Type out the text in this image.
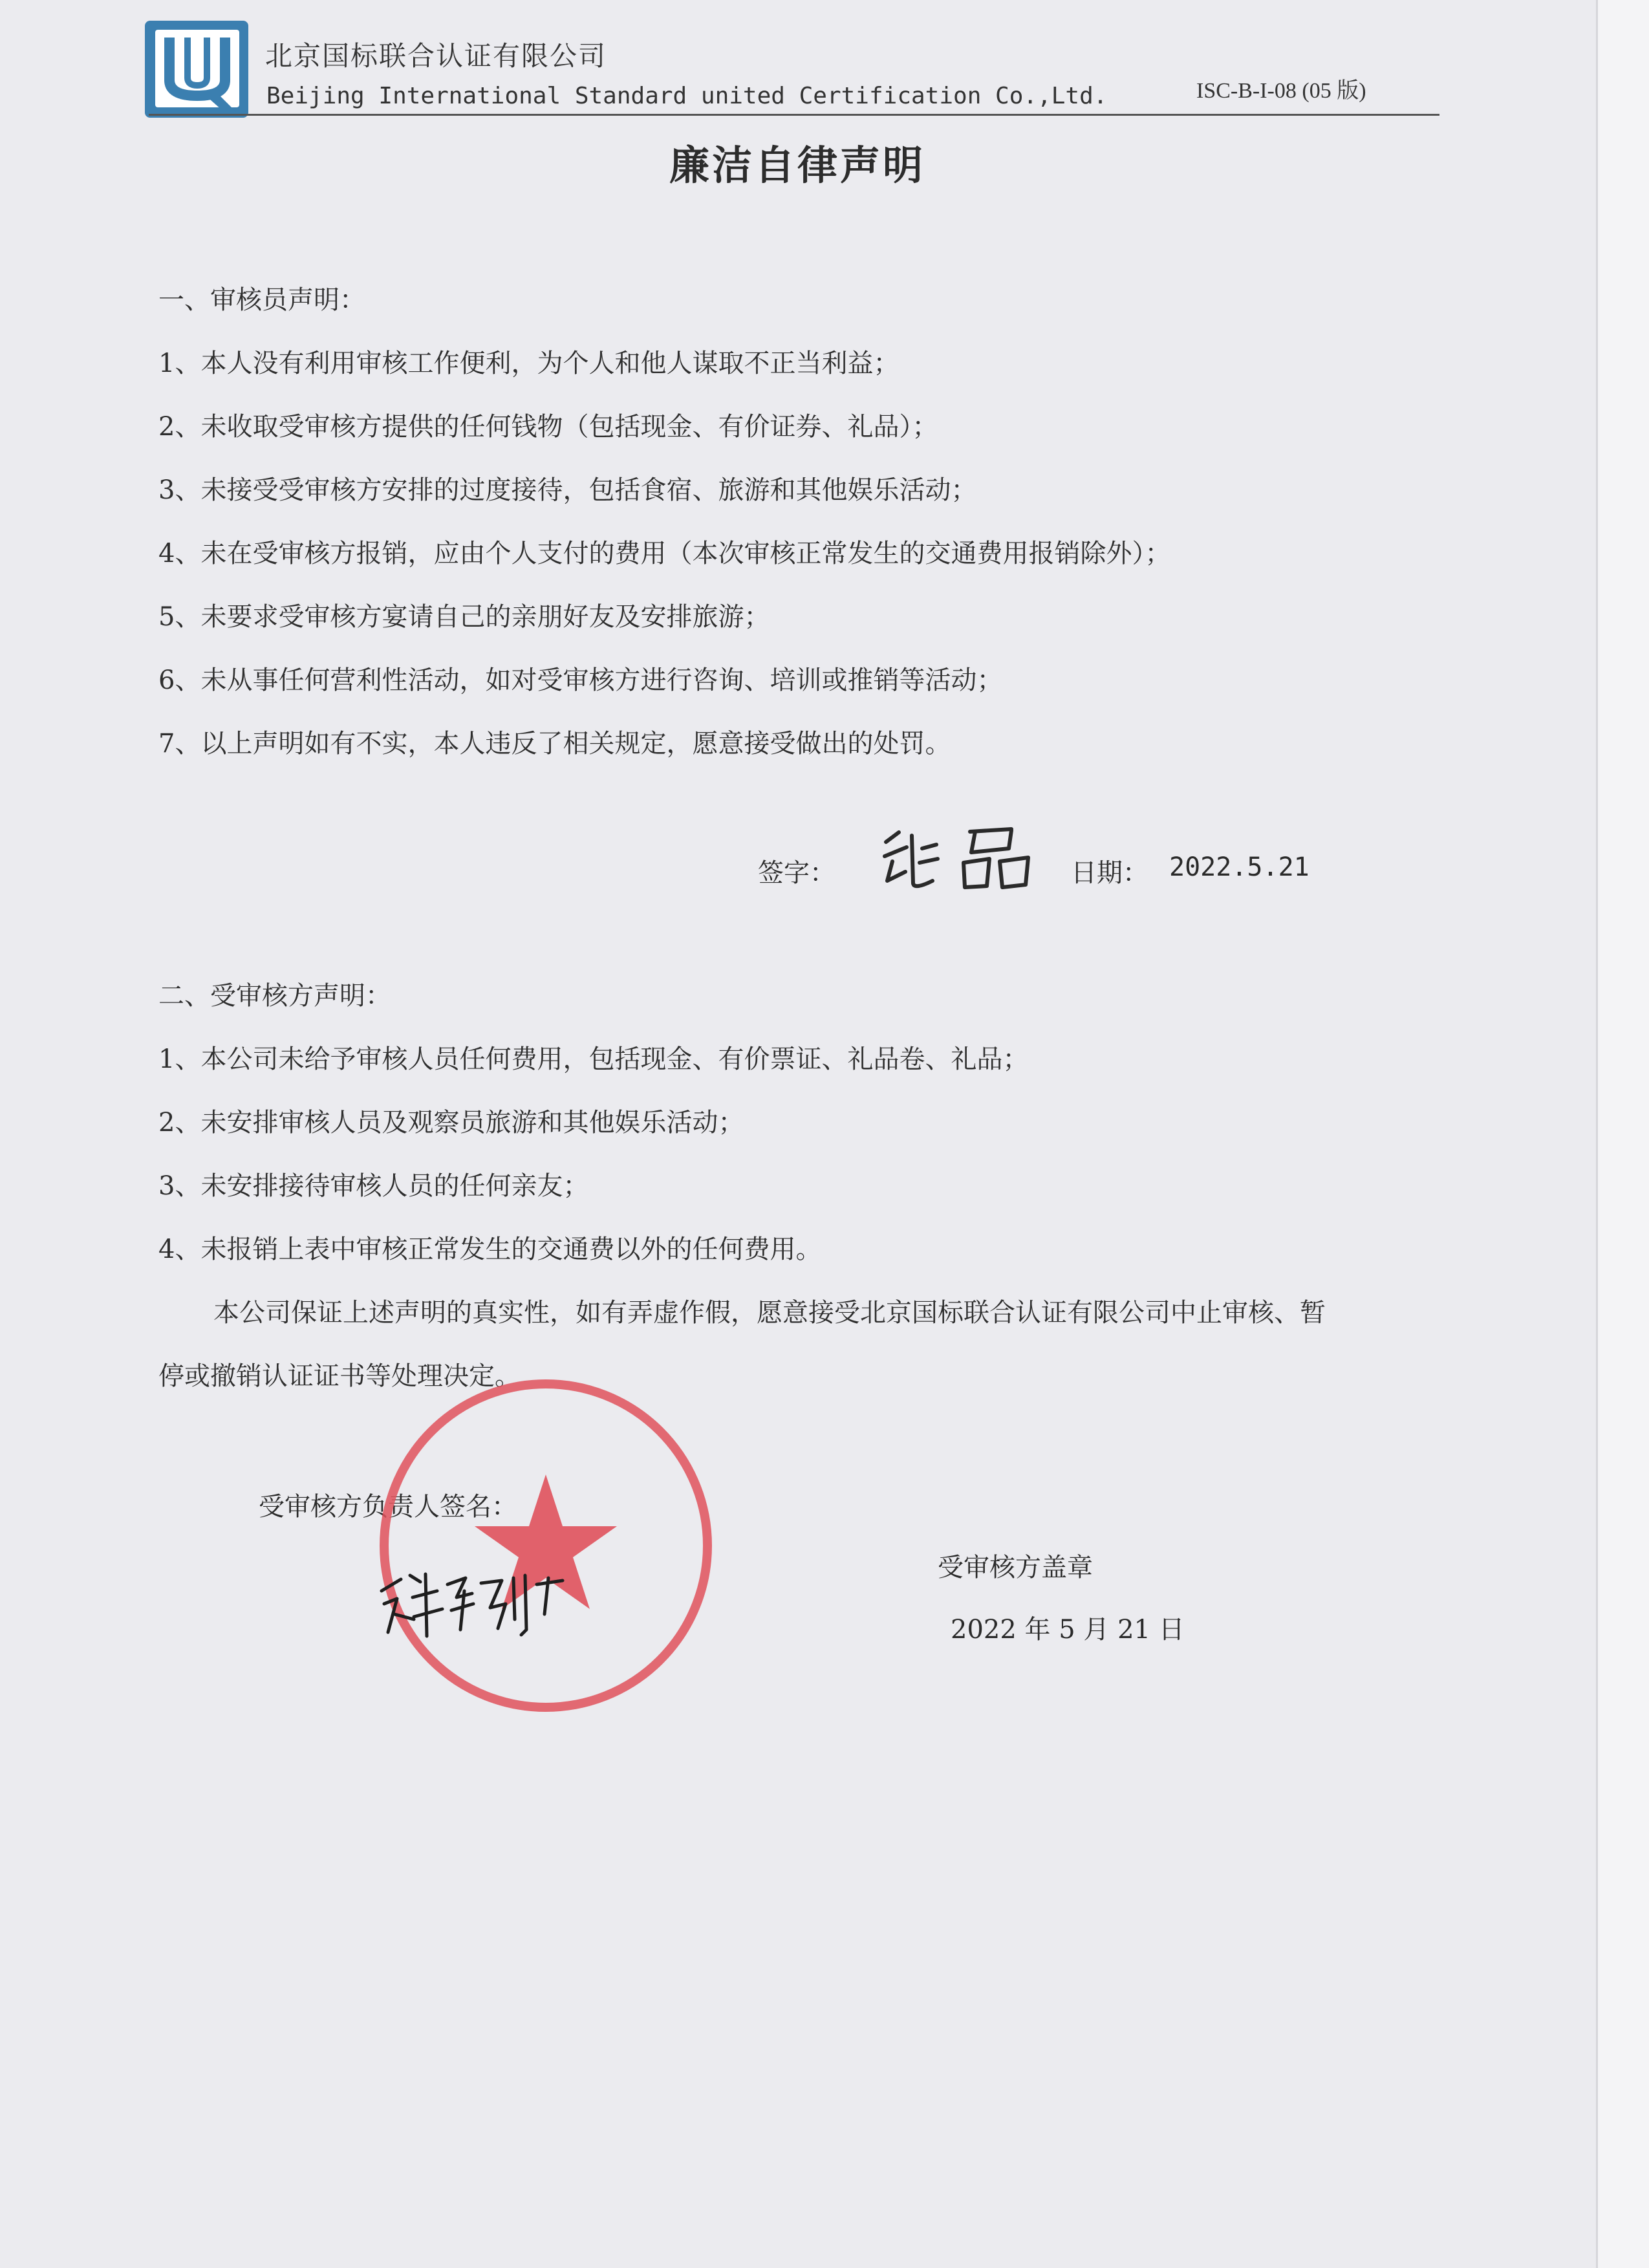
北京国标联合认证有限公司
Beijing International Standard united Certification Co.,Ltd.	ISC-B-I-08 (05 版)
廉洁自律声明
一、审核员声明：
1、本人没有利用审核工作便利，为个人和他人谋取不正当利益；
2、未收取受审核方提供的任何钱物（包括现金、有价证券、礼品）；
3、未接受受审核方安排的过度接待，包括食宿、旅游和其他娱乐活动；
4、未在受审核方报销，应由个人支付的费用（本次审核正常发生的交通费用报销除外）；
5、未要求受审核方宴请自己的亲朋好友及安排旅游；
6、未从事任何营利性活动，如对受审核方进行咨询、培训或推销等活动；
7、以上声明如有不实，本人违反了相关规定，愿意接受做出的处罚。
签字：	日期： 2022.5.21
二、受审核方声明：
1、本公司未给予审核人员任何费用，包括现金、有价票证、礼品卷、礼品；
2、未安排审核人员及观察员旅游和其他娱乐活动；
3、未安排接待审核人员的任何亲友；
4、未报销上表中审核正常发生的交通费以外的任何费用。
本公司保证上述声明的真实性，如有弄虚作假，愿意接受北京国标联合认证有限公司中止审核、暂
停或撤销认证证书等处理决定。
受审核方负责人签名：
受审核方盖章
2022 年 5 月 21 日
